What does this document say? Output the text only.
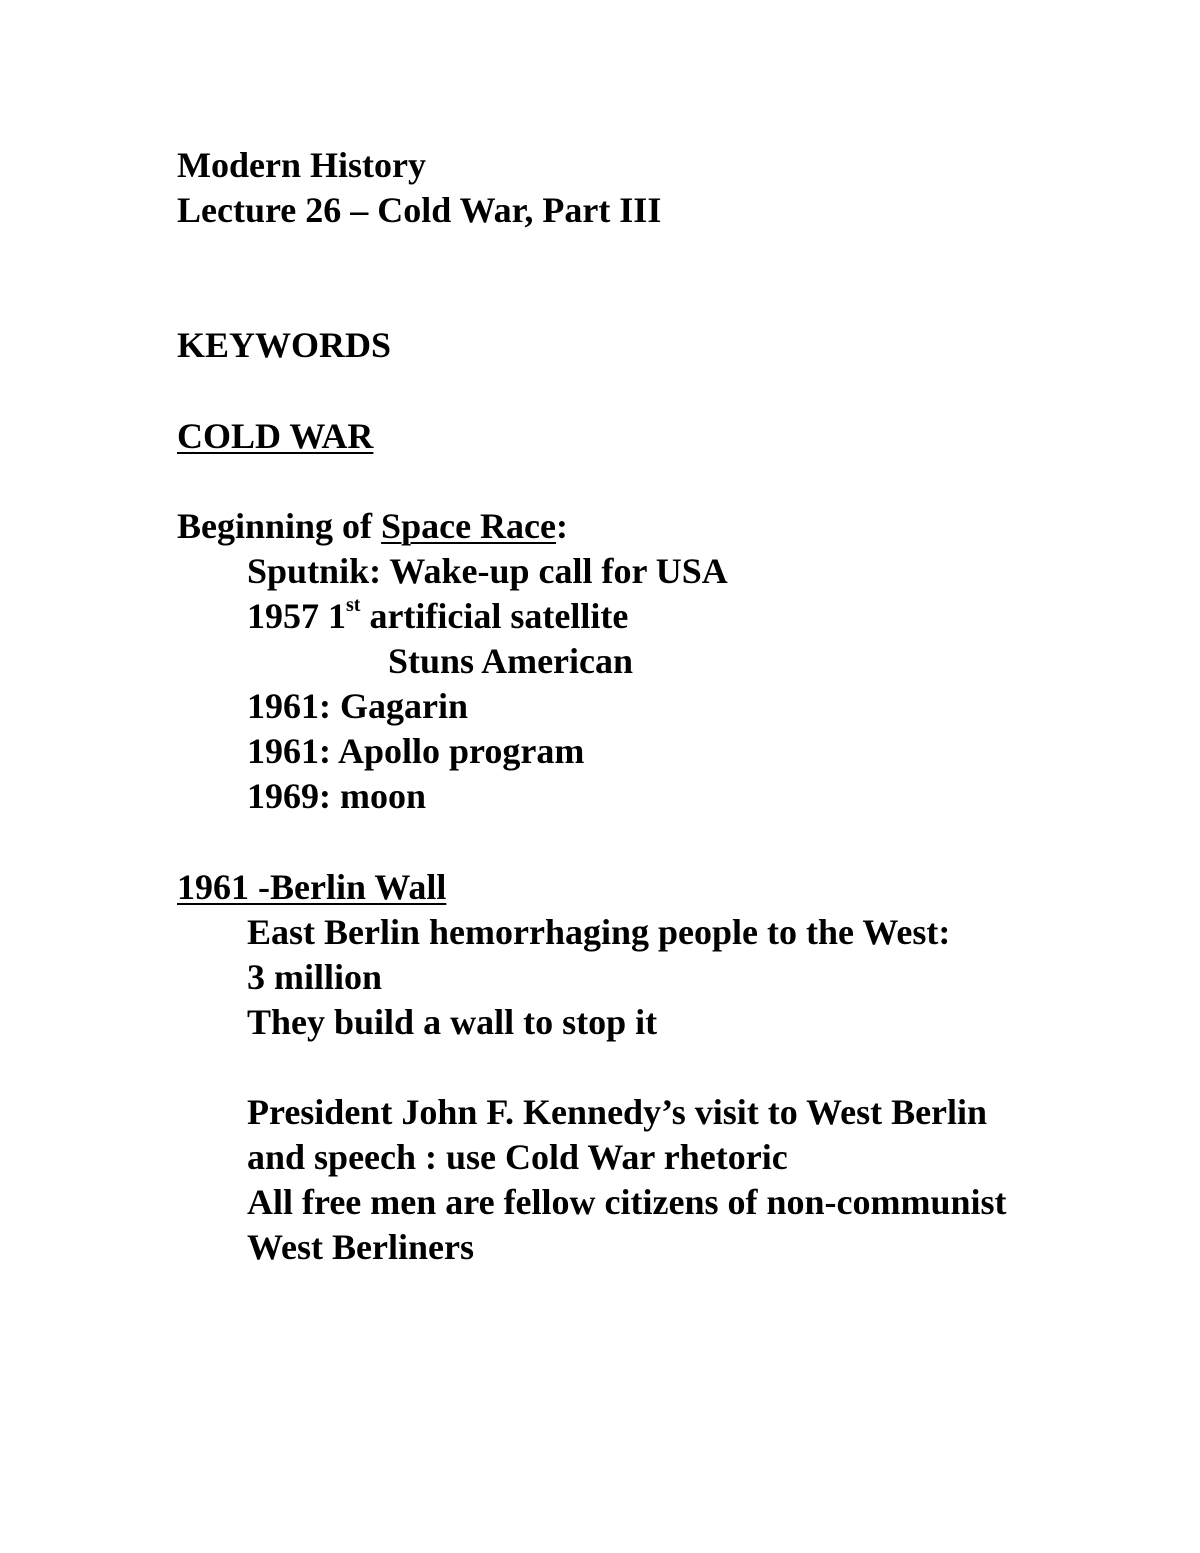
Modern History
Lecture 26 – Cold War, Part III
KEYWORDS
COLD WAR
Beginning of Space Race:
Sputnik: Wake-up call for USA
1957 1st artificial satellite
Stuns American
1961: Gagarin
1961: Apollo program
1969: moon
1961 -Berlin Wall
East Berlin hemorrhaging people to the West:
3 million
They build a wall to stop it
President John F. Kennedy’s visit to West Berlin
and speech : use Cold War rhetoric
All free men are fellow citizens of non-communist
West Berliners
